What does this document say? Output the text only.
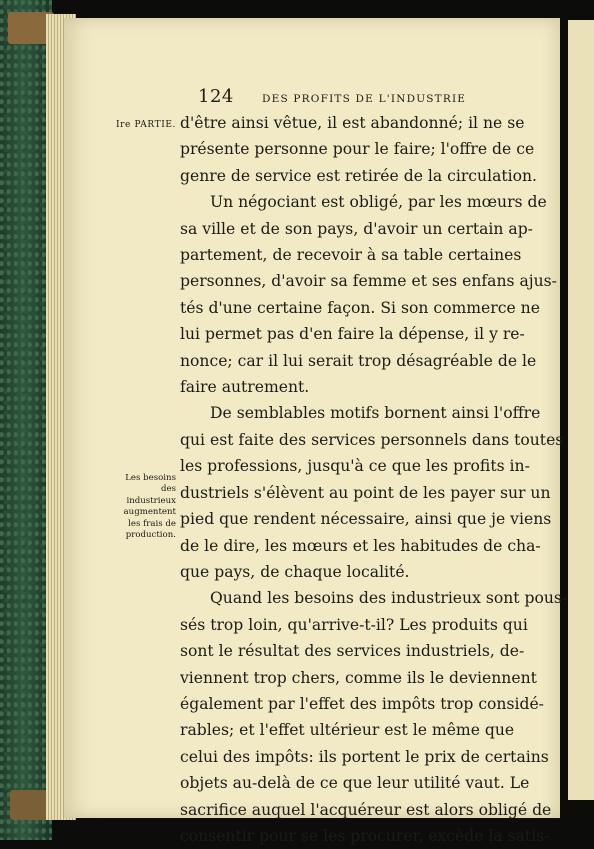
124	DES PROFITS DE L'INDUSTRIE
Ire PARTIE.
Les besoins
des
industrieux
augmentent
les frais de
production.
d'être ainsi vêtue, il est abandonné; il ne se
présente personne pour le faire; l'offre de ce
genre de service est retirée de la circulation.
Un négociant est obligé, par les mœurs de
sa ville et de son pays, d'avoir un certain ap-
partement, de recevoir à sa table certaines
personnes, d'avoir sa femme et ses enfans ajus-
tés d'une certaine façon. Si son commerce ne
lui permet pas d'en faire la dépense, il y re-
nonce; car il lui serait trop désagréable de le
faire autrement.
De semblables motifs bornent ainsi l'offre
qui est faite des services personnels dans toutes
les professions, jusqu'à ce que les profits in-
dustriels s'élèvent au point de les payer sur un
pied que rendent nécessaire, ainsi que je viens
de le dire, les mœurs et les habitudes de cha-
que pays, de chaque localité.
Quand les besoins des industrieux sont pous-
sés trop loin, qu'arrive-t-il? Les produits qui
sont le résultat des services industriels, de-
viennent trop chers, comme ils le deviennent
également par l'effet des impôts trop considé-
rables; et l'effet ultérieur est le même que
celui des impôts: ils portent le prix de certains
objets au-delà de ce que leur utilité vaut. Le
sacrifice auquel l'acquéreur est alors obligé de
consentir pour se les procurer, excède la satis-
